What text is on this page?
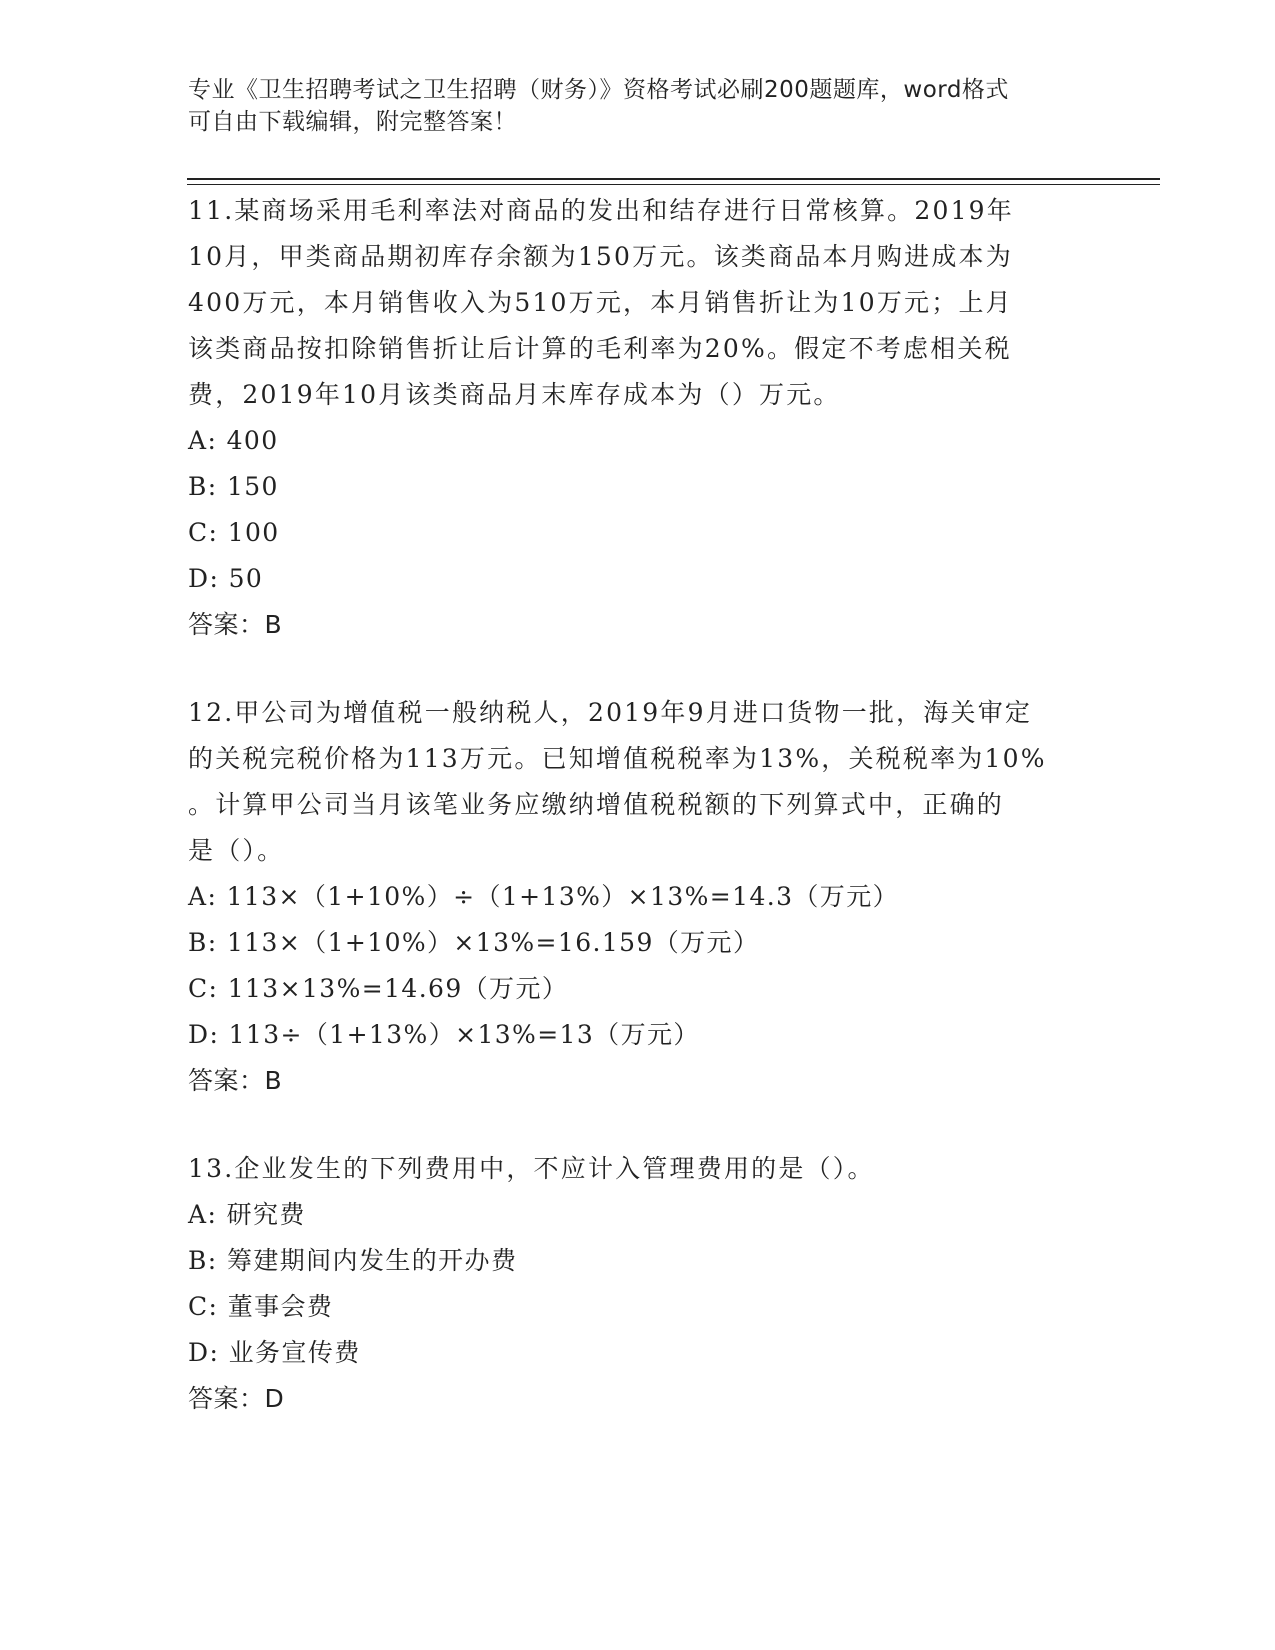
专业《卫生招聘考试之卫生招聘（财务）》资格考试必刷200题题库，word格式
可自由下载编辑，附完整答案！
11.某商场采用毛利率法对商品的发出和结存进行日常核算。2019年
10月，甲类商品期初库存余额为150万元。该类商品本月购进成本为
400万元，本月销售收入为510万元，本月销售折让为10万元；上月
该类商品按扣除销售折让后计算的毛利率为20%。假定不考虑相关税
费，2019年10月该类商品月末库存成本为（）万元。
A: 400
B: 150
C: 100
D: 50
答案：B
12.甲公司为增值税一般纳税人，2019年9月进口货物一批，海关审定
的关税完税价格为113万元。已知增值税税率为13%，关税税率为10%
。计算甲公司当月该笔业务应缴纳增值税税额的下列算式中，正确的
是（）。
A: 113×（1+10%）÷（1+13%）×13%=14.3（万元）
B: 113×（1+10%）×13%=16.159（万元）
C: 113×13%=14.69（万元）
D: 113÷（1+13%）×13%=13（万元）
答案：B
13.企业发生的下列费用中，不应计入管理费用的是（）。
A: 研究费
B: 筹建期间内发生的开办费
C: 董事会费
D: 业务宣传费
答案：D
